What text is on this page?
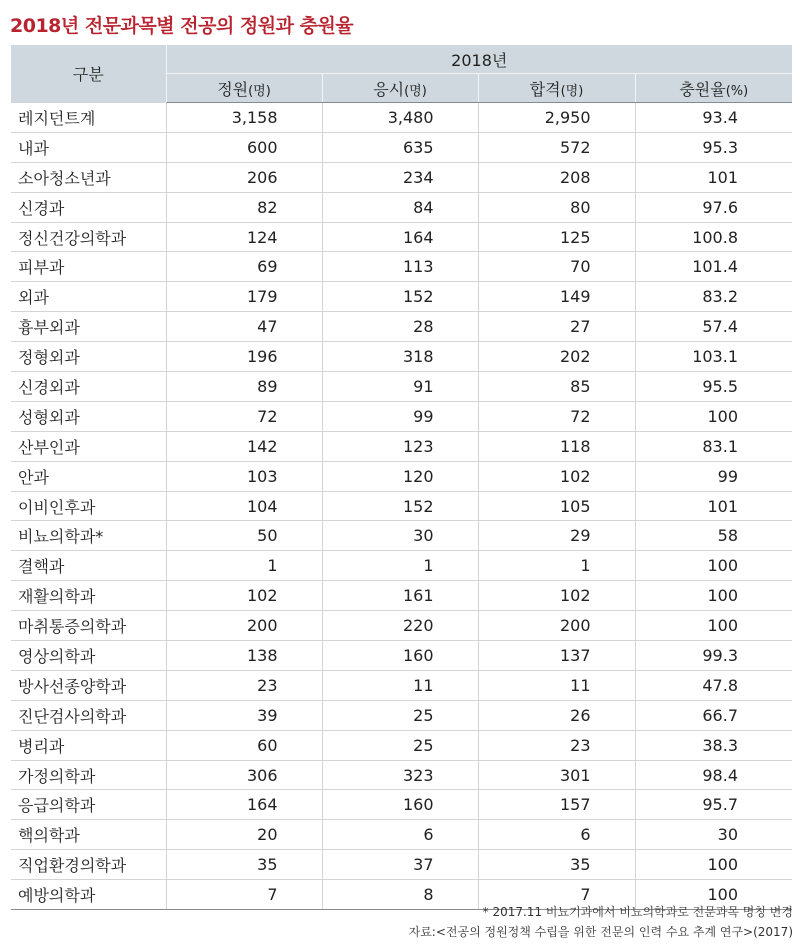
2018년 전문과목별 전공의 정원과 충원율
구분	2018년			
	정원(명)	응시(명)	합격(명)	충원율(%)
레지던트계	3,158	3,480	2,950	93.4
내과	600	635	572	95.3
소아청소년과	206	234	208	101
신경과	82	84	80	97.6
정신건강의학과	124	164	125	100.8
피부과	69	113	70	101.4
외과	179	152	149	83.2
흉부외과	47	28	27	57.4
정형외과	196	318	202	103.1
신경외과	89	91	85	95.5
성형외과	72	99	72	100
산부인과	142	123	118	83.1
안과	103	120	102	99
이비인후과	104	152	105	101
비뇨의학과*	50	30	29	58
결핵과	1	1	1	100
재활의학과	102	161	102	100
마취통증의학과	200	220	200	100
영상의학과	138	160	137	99.3
방사선종양학과	23	11	11	47.8
진단검사의학과	39	25	26	66.7
병리과	60	25	23	38.3
가정의학과	306	323	301	98.4
응급의학과	164	160	157	95.7
핵의학과	20	6	6	30
직업환경의학과	35	37	35	100
예방의학과	7	8	7	100
* 2017.11 비뇨기과에서 비뇨의학과로 전문과목 명칭 변경
자료:<전공의 정원정책 수립을 위한 전문의 인력 수요 추계 연구>(2017)
